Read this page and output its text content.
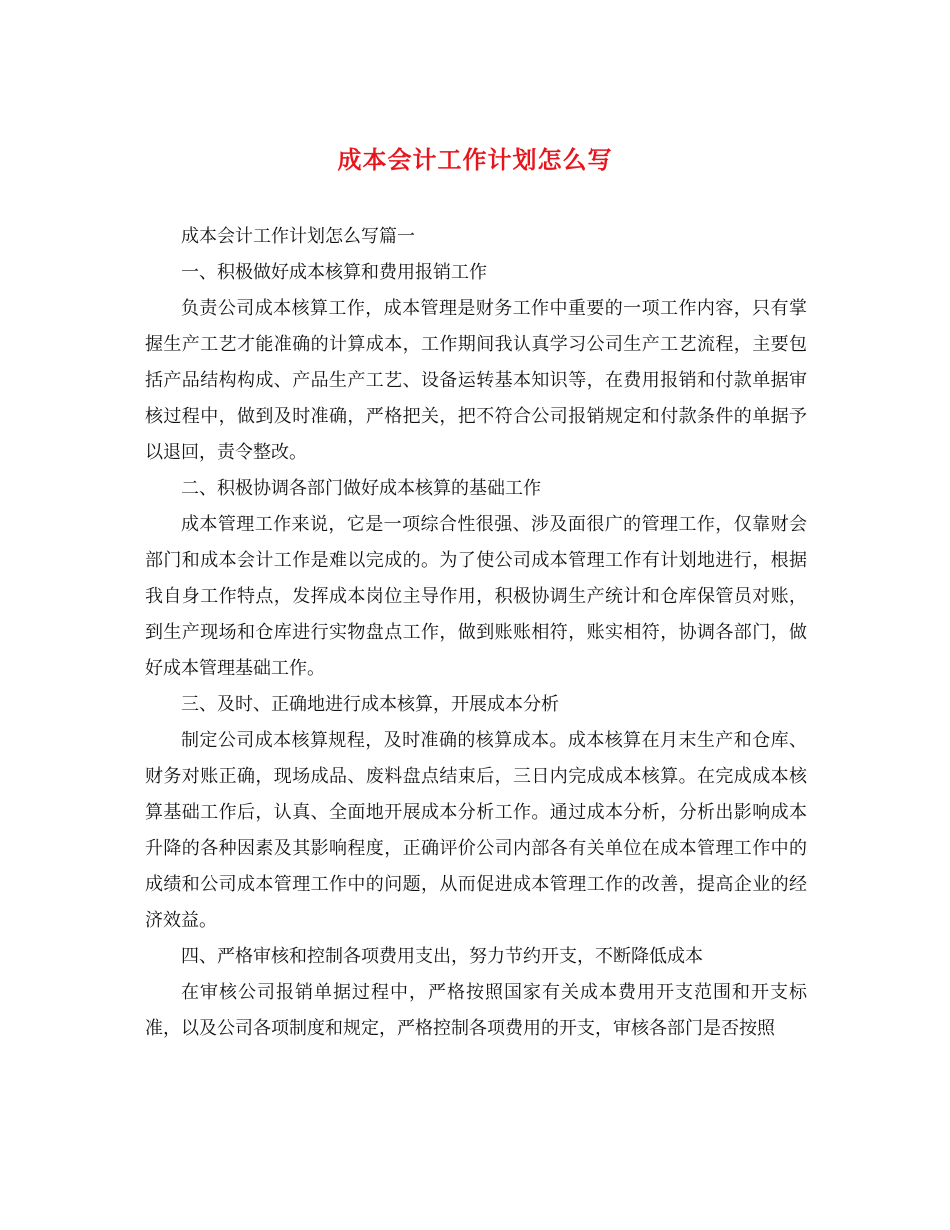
成本会计工作计划怎么写

成本会计工作计划怎么写篇一

一、积极做好成本核算和费用报销工作

负责公司成本核算工作，成本管理是财务工作中重要的一项工作内容，只有掌握生产工艺才能准确的计算成本，工作期间我认真学习公司生产工艺流程，主要包括产品结构构成、产品生产工艺、设备运转基本知识等，在费用报销和付款单据审核过程中，做到及时准确，严格把关，把不符合公司报销规定和付款条件的单据予以退回，责令整改。

二、积极协调各部门做好成本核算的基础工作

成本管理工作来说，它是一项综合性很强、涉及面很广的管理工作，仅靠财会部门和成本会计工作是难以完成的。为了使公司成本管理工作有计划地进行，根据我自身工作特点，发挥成本岗位主导作用，积极协调生产统计和仓库保管员对账，到生产现场和仓库进行实物盘点工作，做到账账相符，账实相符，协调各部门，做好成本管理基础工作。

三、及时、正确地进行成本核算，开展成本分析

制定公司成本核算规程，及时准确的核算成本。成本核算在月末生产和仓库、财务对账正确，现场成品、废料盘点结束后，三日内完成成本核算。在完成成本核算基础工作后，认真、全面地开展成本分析工作。通过成本分析，分析出影响成本升降的各种因素及其影响程度，正确评价公司内部各有关单位在成本管理工作中的成绩和公司成本管理工作中的问题，从而促进成本管理工作的改善，提高企业的经济效益。

四、严格审核和控制各项费用支出，努力节约开支，不断降低成本

在审核公司报销单据过程中，严格按照国家有关成本费用开支范围和开支标准，以及公司各项制度和规定，严格控制各项费用的开支，审核各部门是否按照
